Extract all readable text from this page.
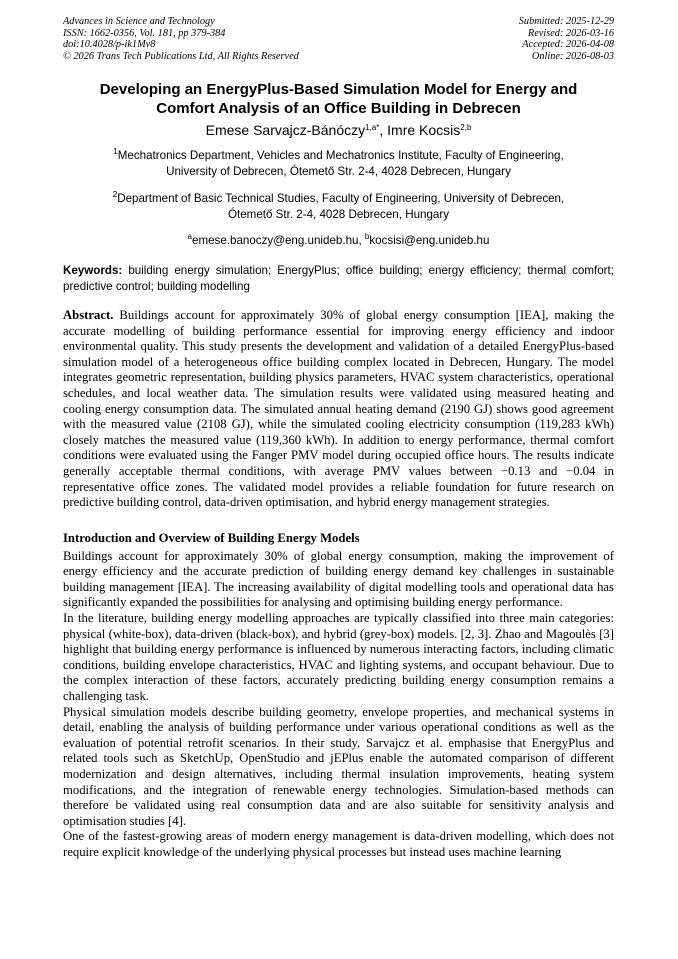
Advances in Science and Technology
ISSN: 1662-0356, Vol. 181, pp 379-384
doi:10.4028/p-ik1Mv8
© 2026 Trans Tech Publications Ltd, All Rights Reserved
Submitted: 2025-12-29
Revised: 2026-03-16
Accepted: 2026-04-08
Online: 2026-08-03
Developing an EnergyPlus-Based Simulation Model for Energy and Comfort Analysis of an Office Building in Debrecen
Emese Sarvajcz-Bánóczy$^{1,a*}$, Imre Kocsis$^{2,b}$
$^1$Mechatronics Department, Vehicles and Mechatronics Institute, Faculty of Engineering,
University of Debrecen, Ótemető Str. 2-4, 4028 Debrecen, Hungary
$^2$Department of Basic Technical Studies, Faculty of Engineering, University of Debrecen,
Ótemető Str. 2-4, 4028 Debrecen, Hungary
$^a$emese.banoczy@eng.unideb.hu, $^b$kocsisi@eng.unideb.hu
Keywords: building energy simulation; EnergyPlus; office building; energy efficiency; thermal comfort; predictive control; building modelling
Abstract. Buildings account for approximately 30% of global energy consumption [IEA], making the accurate modelling of building performance essential for improving energy efficiency and indoor environmental quality. This study presents the development and validation of a detailed EnergyPlus-based simulation model of a heterogeneous office building complex located in Debrecen, Hungary. The model integrates geometric representation, building physics parameters, HVAC system characteristics, operational schedules, and local weather data. The simulation results were validated using measured heating and cooling energy consumption data. The simulated annual heating demand (2190 GJ) shows good agreement with the measured value (2108 GJ), while the simulated cooling electricity consumption (119,283 kWh) closely matches the measured value (119,360 kWh). In addition to energy performance, thermal comfort conditions were evaluated using the Fanger PMV model during occupied office hours. The results indicate generally acceptable thermal conditions, with average PMV values between −0.13 and −0.04 in representative office zones. The validated model provides a reliable foundation for future research on predictive building control, data-driven optimisation, and hybrid energy management strategies.
Introduction and Overview of Building Energy Models

Buildings account for approximately 30% of global energy consumption, making the improvement of energy efficiency and the accurate prediction of building energy demand key challenges in sustainable building management [IEA]. The increasing availability of digital modelling tools and operational data has significantly expanded the possibilities for analysing and optimising building energy performance.

In the literature, building energy modelling approaches are typically classified into three main categories: physical (white-box), data-driven (black-box), and hybrid (grey-box) models. [2, 3]. Zhao and Magoulès [3] highlight that building energy performance is influenced by numerous interacting factors, including climatic conditions, building envelope characteristics, HVAC and lighting systems, and occupant behaviour. Due to the complex interaction of these factors, accurately predicting building energy consumption remains a challenging task.

Physical simulation models describe building geometry, envelope properties, and mechanical systems in detail, enabling the analysis of building performance under various operational conditions as well as the evaluation of potential retrofit scenarios. In their study, Sarvajcz et al. emphasise that EnergyPlus and related tools such as SketchUp, OpenStudio and jEPlus enable the automated comparison of different modernization and design alternatives, including thermal insulation improvements, heating system modifications, and the integration of renewable energy technologies. Simulation-based methods can therefore be validated using real consumption data and are also suitable for sensitivity analysis and optimisation studies [4].

One of the fastest-growing areas of modern energy management is data-driven modelling, which does not require explicit knowledge of the underlying physical processes but instead uses machine learning
